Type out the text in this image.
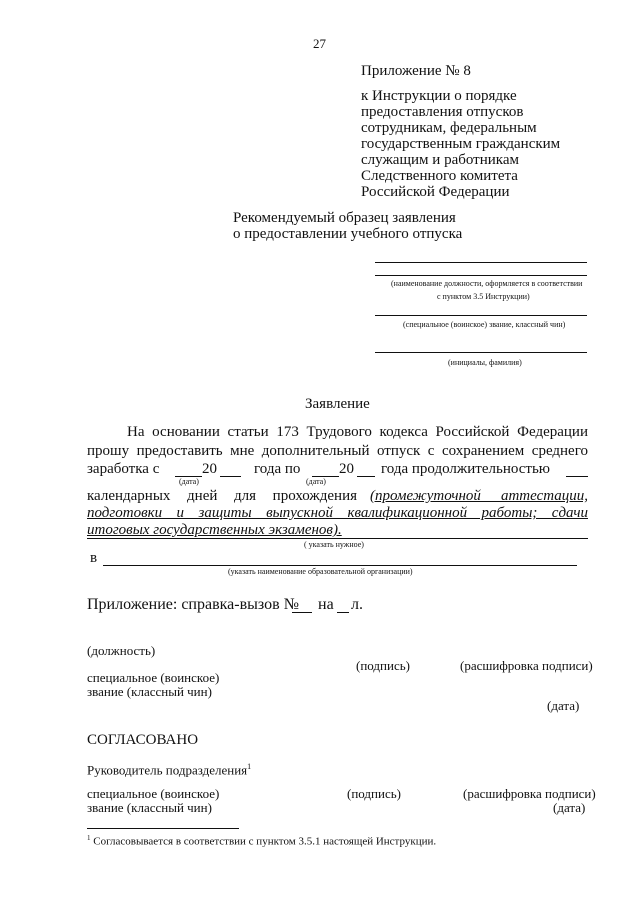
27
Приложение № 8
к Инструкции о порядке
предоставления отпусков
сотрудникам, федеральным
государственным гражданским
служащим и работникам
Следственного комитета
Российской Федерации
Рекомендуемый образец заявления
о предоставлении учебного отпуска
(наименование должности, оформляется в соответствии
с пунктом 3.5 Инструкции)
(специальное (воинское) звание, классный чин)
(инициалы, фамилия)
Заявление
На основании статьи 173 Трудового кодекса Российской Федерации
прошу предоставить мне дополнительный отпуск с сохранением среднего
заработка с	20 года по	20 года продолжительностью
(дата)	(дата)
календарных дней для прохождения (промежуточной аттестации,
подготовки и защиты выпускной квалификационной работы; сдачи
итоговых государственных экзаменов).
( указать нужное)
в
(указать наименование образовательной организации)
Приложение: справка-вызов № на л.
(должность)
(подпись)	(расшифровка подписи)
специальное (воинское)
звание (классный чин)
(дата)
СОГЛАСОВАНО
Руководитель подразделения$^1$
специальное (воинское)
звание (классный чин)
(подпись)	(расшифровка подписи)
(дата)
$^1$ Согласовывается в соответствии с пунктом 3.5.1 настоящей Инструкции.
